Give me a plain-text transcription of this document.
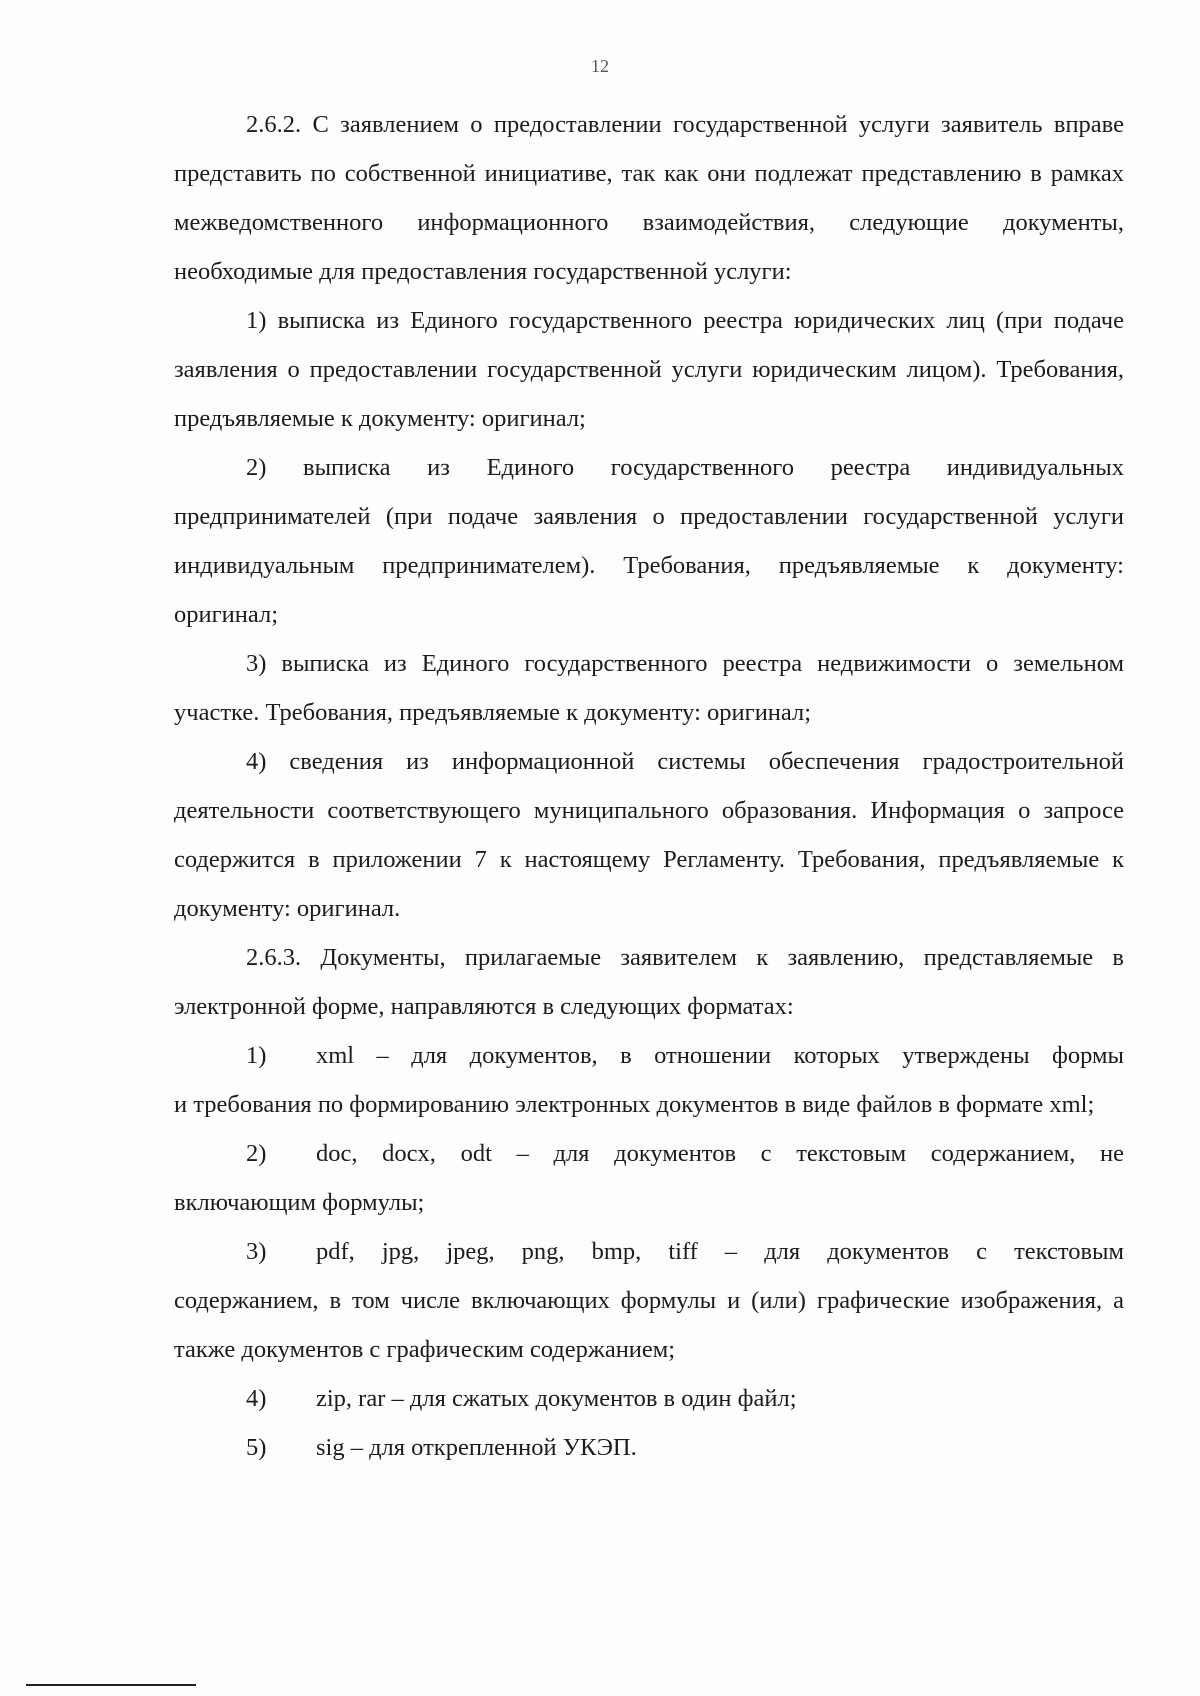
12

2.6.2. С заявлением о предоставлении государственной услуги заявитель вправе представить по собственной инициативе, так как они подлежат представлению в рамках межведомственного информационного взаимодействия, следующие документы, необходимые для предоставления государственной услуги:

1) выписка из Единого государственного реестра юридических лиц (при подаче заявления о предоставлении государственной услуги юридическим лицом). Требования, предъявляемые к документу: оригинал;

2) выписка из Единого государственного реестра индивидуальных предпринимателей (при подаче заявления о предоставлении государственной услуги индивидуальным предпринимателем). Требования, предъявляемые к документу: оригинал;

3) выписка из Единого государственного реестра недвижимости о земельном участке. Требования, предъявляемые к документу: оригинал;

4) сведения из информационной системы обеспечения градостроительной деятельности соответствующего муниципального образования. Информация о запросе содержится в приложении 7 к настоящему Регламенту. Требования, предъявляемые к документу: оригинал.

2.6.3. Документы, прилагаемые заявителем к заявлению, представляемые в электронной форме, направляются в следующих форматах:

1)	xml – для документов, в отношении которых утверждены формы
и требования по формированию электронных документов в виде файлов в формате xml;
2)	doc, docx, odt – для документов с текстовым содержанием, не
включающим формулы;
3)	pdf, jpg, jpeg, png, bmp, tiff – для документов с текстовым
содержанием, в том числе включающих формулы и (или) графические изображения, а также документов с графическим содержанием;
4)	zip, rar – для сжатых документов в один файл;
5)	sig – для открепленной УКЭП.
